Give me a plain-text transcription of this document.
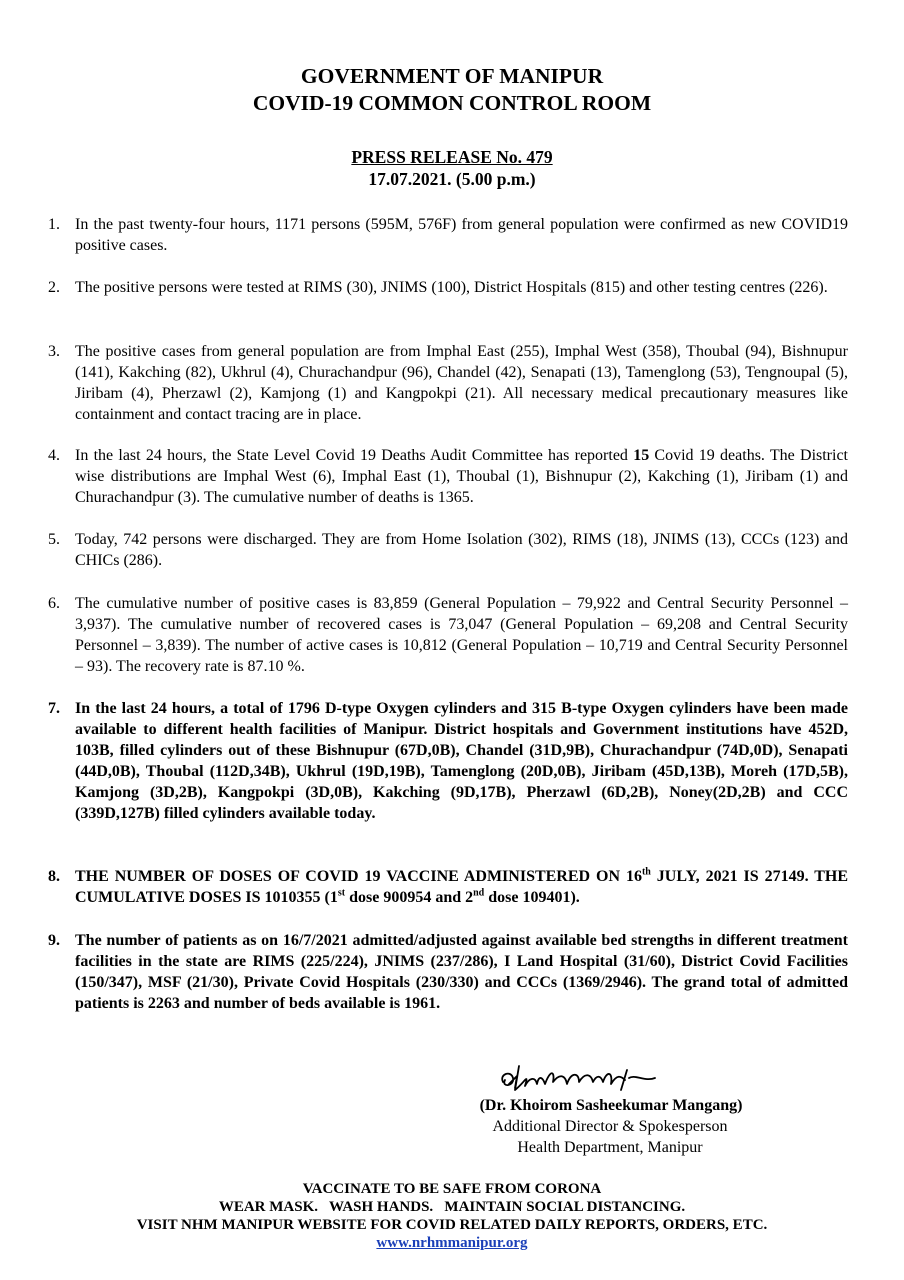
GOVERNMENT OF MANIPUR
COVID-19 COMMON CONTROL ROOM
PRESS RELEASE No. 479
17.07.2021. (5.00 p.m.)
1. In the past twenty-four hours, 1171 persons (595M, 576F) from general population were confirmed as new COVID19 positive cases.
2. The positive persons were tested at RIMS (30), JNIMS (100), District Hospitals (815) and other testing centres (226).
3. The positive cases from general population are from Imphal East (255), Imphal West (358), Thoubal (94), Bishnupur (141), Kakching (82), Ukhrul (4), Churachandpur (96), Chandel (42), Senapati (13), Tamenglong (53), Tengnoupal (5), Jiribam (4), Pherzawl (2), Kamjong (1) and Kangpokpi (21). All necessary medical precautionary measures like containment and contact tracing are in place.
4. In the last 24 hours, the State Level Covid 19 Deaths Audit Committee has reported 15 Covid 19 deaths. The District wise distributions are Imphal West (6), Imphal East (1), Thoubal (1), Bishnupur (2), Kakching (1), Jiribam (1) and Churachandpur (3). The cumulative number of deaths is 1365.
5. Today, 742 persons were discharged. They are from Home Isolation (302), RIMS (18), JNIMS (13), CCCs (123) and CHICs (286).
6. The cumulative number of positive cases is 83,859 (General Population – 79,922 and Central Security Personnel – 3,937). The cumulative number of recovered cases is 73,047 (General Population – 69,208 and Central Security Personnel – 3,839). The number of active cases is 10,812 (General Population – 10,719 and Central Security Personnel – 93). The recovery rate is 87.10 %.
7. In the last 24 hours, a total of 1796 D-type Oxygen cylinders and 315 B-type Oxygen cylinders have been made available to different health facilities of Manipur. District hospitals and Government institutions have 452D, 103B, filled cylinders out of these Bishnupur (67D,0B), Chandel (31D,9B), Churachandpur (74D,0D), Senapati (44D,0B), Thoubal (112D,34B), Ukhrul (19D,19B), Tamenglong (20D,0B), Jiribam (45D,13B), Moreh (17D,5B), Kamjong (3D,2B), Kangpokpi (3D,0B), Kakching (9D,17B), Pherzawl (6D,2B), Noney(2D,2B) and CCC (339D,127B) filled cylinders available today.
8. THE NUMBER OF DOSES OF COVID 19 VACCINE ADMINISTERED ON 16th JULY, 2021 IS 27149. THE CUMULATIVE DOSES IS 1010355 (1st dose 900954 and 2nd dose 109401).
9. The number of patients as on 16/7/2021 admitted/adjusted against available bed strengths in different treatment facilities in the state are RIMS (225/224), JNIMS (237/286), I Land Hospital (31/60), District Covid Facilities (150/347), MSF (21/30), Private Covid Hospitals (230/330) and CCCs (1369/2946). The grand total of admitted patients is 2263 and number of beds available is 1961.
(Dr. Khoirom Sasheekumar Mangang)
Additional Director & Spokesperson
Health Department, Manipur
VACCINATE TO BE SAFE FROM CORONA
WEAR MASK.   WASH HANDS.   MAINTAIN SOCIAL DISTANCING.
VISIT NHM MANIPUR WEBSITE FOR COVID RELATED DAILY REPORTS, ORDERS, ETC.
www.nrhmmanipur.org
